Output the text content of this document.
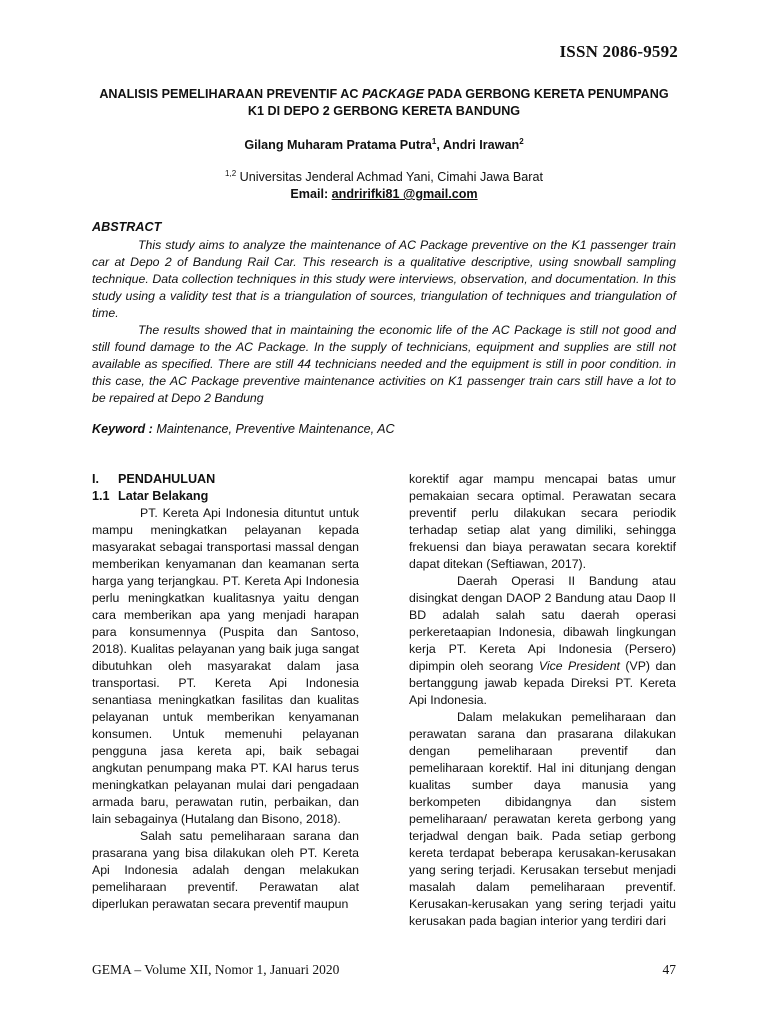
ISSN 2086-9592
ANALISIS PEMELIHARAAN PREVENTIF AC PACKAGE PADA GERBONG KERETA PENUMPANG
K1 DI DEPO 2 GERBONG KERETA BANDUNG
Gilang Muharam Pratama Putra$^1$, Andri Irawan$^2$
$^{1,2}$ Universitas Jenderal Achmad Yani, Cimahi Jawa Barat
Email: andririfki81 @gmail.com
ABSTRACT

This study aims to analyze the maintenance of AC Package preventive on the K1 passenger train car at Depo 2 of Bandung Rail Car. This research is a qualitative descriptive, using snowball sampling technique. Data collection techniques in this study were interviews, observation, and documentation. In this study using a validity test that is a triangulation of sources, triangulation of techniques and triangulation of time.

The results showed that in maintaining the economic life of the AC Package is still not good and still found damage to the AC Package. In the supply of technicians, equipment and supplies are still not available as specified. There are still 44 technicians needed and the equipment is still in poor condition. in this case, the AC Package preventive maintenance activities on K1 passenger train cars still have a lot to be repaired at Depo 2 Bandung

Keyword : Maintenance, Preventive Maintenance, AC
I.	PENDAHULUAN
1.1 Latar Belakang

PT. Kereta Api Indonesia dituntut untuk mampu meningkatkan pelayanan kepada masyarakat sebagai transportasi massal dengan memberikan kenyamanan dan keamanan serta harga yang terjangkau. PT. Kereta Api Indonesia perlu meningkatkan kualitasnya yaitu dengan cara memberikan apa yang menjadi harapan para konsumennya (Puspita dan Santoso, 2018). Kualitas pelayanan yang baik juga sangat dibutuhkan oleh masyarakat dalam jasa transportasi. PT. Kereta Api Indonesia senantiasa meningkatkan fasilitas dan kualitas pelayanan untuk memberikan kenyamanan konsumen. Untuk memenuhi pelayanan pengguna jasa kereta api, baik sebagai angkutan penumpang maka PT. KAI harus terus meningkatkan pelayanan mulai dari pengadaan armada baru, perawatan rutin, perbaikan, dan lain sebagainya (Hutalang dan Bisono, 2018).

Salah satu pemeliharaan sarana dan prasarana yang bisa dilakukan oleh PT. Kereta Api Indonesia adalah dengan melakukan pemeliharaan preventif. Perawatan alat diperlukan perawatan secara preventif maupun

korektif agar mampu mencapai batas umur pemakaian secara optimal. Perawatan secara preventif perlu dilakukan secara periodik terhadap setiap alat yang dimiliki, sehingga frekuensi dan biaya perawatan secara korektif dapat ditekan (Seftiawan, 2017).

Daerah Operasi II Bandung atau disingkat dengan DAOP 2 Bandung atau Daop II BD adalah salah satu daerah operasi perkeretaapian Indonesia, dibawah lingkungan kerja PT. Kereta Api Indonesia (Persero) dipimpin oleh seorang Vice President (VP) dan bertanggung jawab kepada Direksi PT. Kereta Api Indonesia.

Dalam melakukan pemeliharaan dan perawatan sarana dan prasarana dilakukan dengan pemeliharaan preventif dan pemeliharaan korektif. Hal ini ditunjang dengan kualitas sumber daya manusia yang berkompeten dibidangnya dan sistem pemeliharaan/ perawatan kereta gerbong yang terjadwal dengan baik. Pada setiap gerbong kereta terdapat beberapa kerusakan-kerusakan yang sering terjadi. Kerusakan tersebut menjadi masalah dalam pemeliharaan preventif. Kerusakan-kerusakan yang sering terjadi yaitu kerusakan pada bagian interior yang terdiri dari

GEMA – Volume XII, Nomor 1, Januari 2020	47
